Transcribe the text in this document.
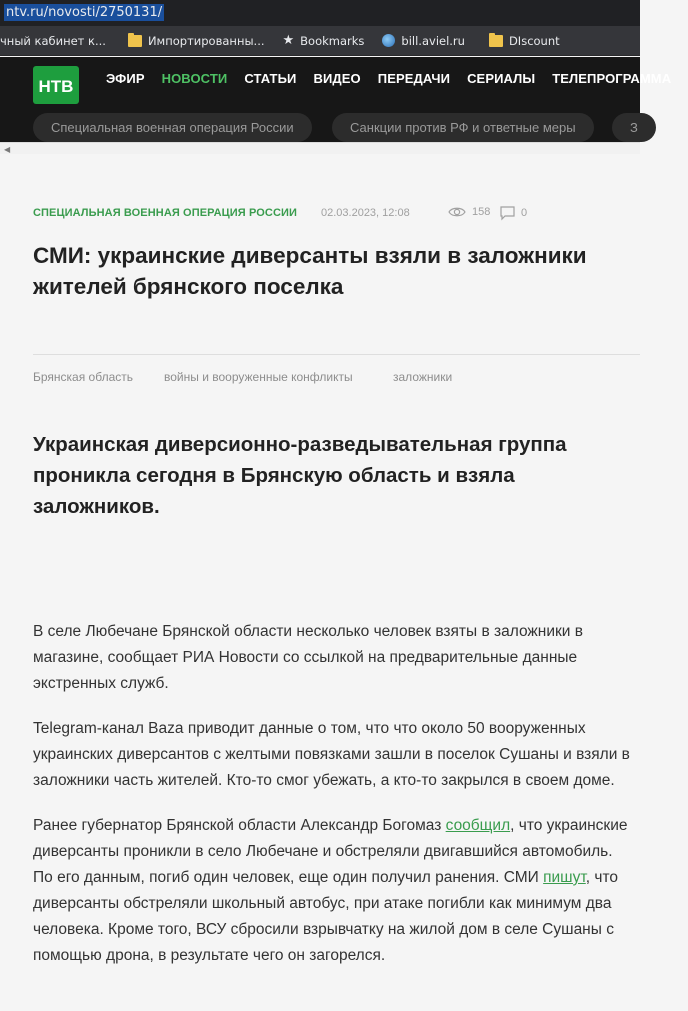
ntv.ru/novosti/2750131/
чный кабинет к...	Импортированны... ★ Bookmarks	bill.aviel.ru	DIscount
НТВ	ЭФИР НОВОСТИ СТАТЬИ ВИДЕО ПЕРЕДАЧИ СЕРИАЛЫ ТЕЛЕПРОГРАММА
Специальная военная операция России	Санкции против РФ и ответные меры	З
◀
СПЕЦИАЛЬНАЯ ВОЕННАЯ ОПЕРАЦИЯ РОССИИ 02.03.2023, 12:08	158	0
СМИ: украинские диверсанты взяли в заложники жителей брянского поселка
Брянская область	войны и вооруженные конфликты	заложники
Украинская диверсионно-разведывательная группа проникла сегодня в Брянскую область и взяла заложников.

В селе Любечане Брянской области несколько человек взяты в заложники в магазине, сообщает РИА Новости со ссылкой на предварительные данные экстренных служб.

Telegram-канал Baza приводит данные о том, что что около 50 вооруженных украинских диверсантов с желтыми повязками зашли в поселок Сушаны и взяли в заложники часть жителей. Кто-то смог убежать, а кто-то закрылся в своем доме.

Ранее губернатор Брянской области Александр Богомаз сообщил, что украинские диверсанты проникли в село Любечане и обстреляли двигавшийся автомобиль. По его данным, погиб один человек, еще один получил ранения. СМИ пишут, что диверсанты обстреляли школьный автобус, при атаке погибли как минимум два человека. Кроме того, ВСУ сбросили взрывчатку на жилой дом в селе Сушаны с помощью дрона, в результате чего он загорелся.
